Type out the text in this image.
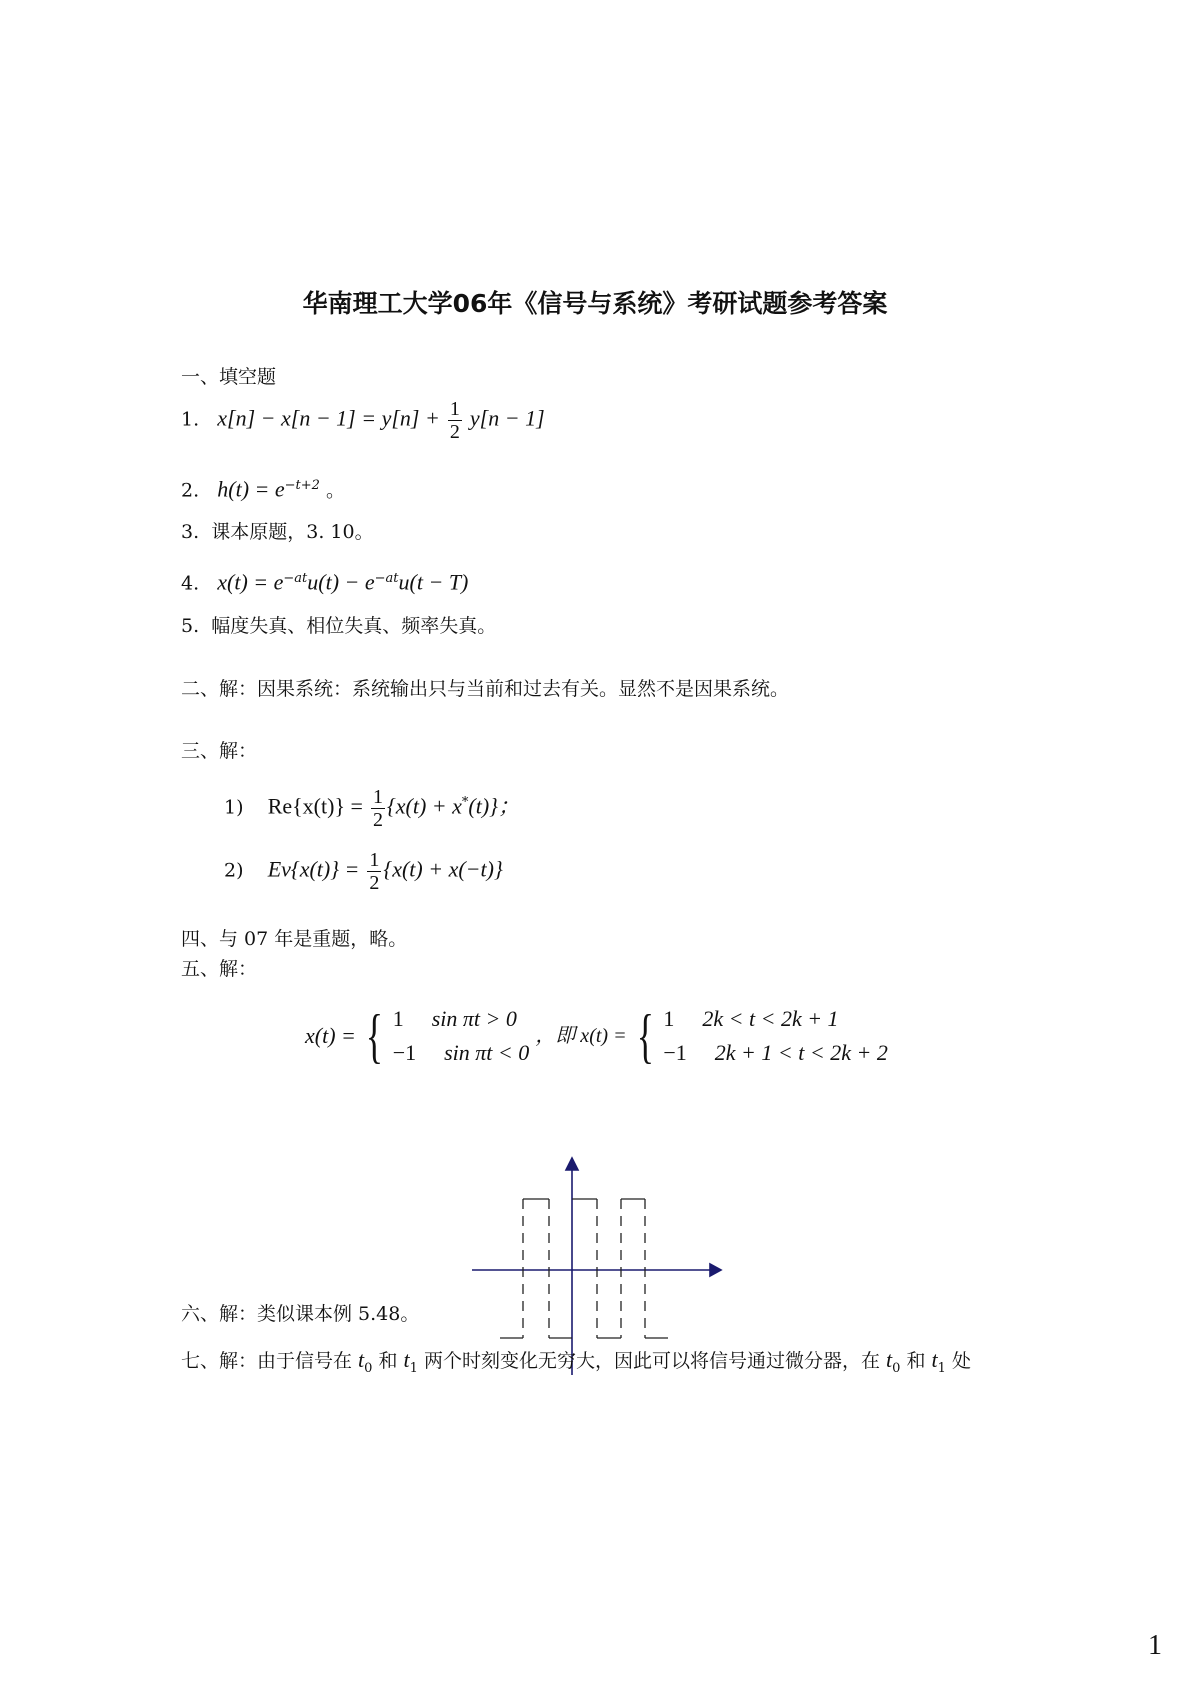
华南理工大学06年《信号与系统》考研试题参考答案
一、填空题
1. $x[n] - x[n - 1] = y[n] + \frac{1}{2} y[n - 1]$
2. $h(t) = e^{-t+2}$ 。
3. 课本原题，3. 10。
4. $x(t) = e^{-at}u(t) - e^{-at}u(t - T)$
5. 幅度失真、相位失真、频率失真。
二、解：因果系统：系统输出只与当前和过去有关。显然不是因果系统。
三、解：
1) $Re\{x(t)\} = \frac{1}{2} \{x(t) + x^*(t)\}$；
2) $Ev\{x(t)\} = \frac{1}{2} \{x(t) + x(-t)\}$
四、与 07 年是重题，略。
五、解：
x(t) = { 1 sin πt > 0
−1 sin πt < 0

，即 x(t) = { 1 2k < t < 2k + 1
−1 2k + 1 < t < 2k + 2
六、解：类似课本例 5.48。
七、解：由于信号在 $t_0$ 和 $t_1$ 两个时刻变化无穷大，因此可以将信号通过微分器，在 $t_0$ 和 $t_1$ 处
1
